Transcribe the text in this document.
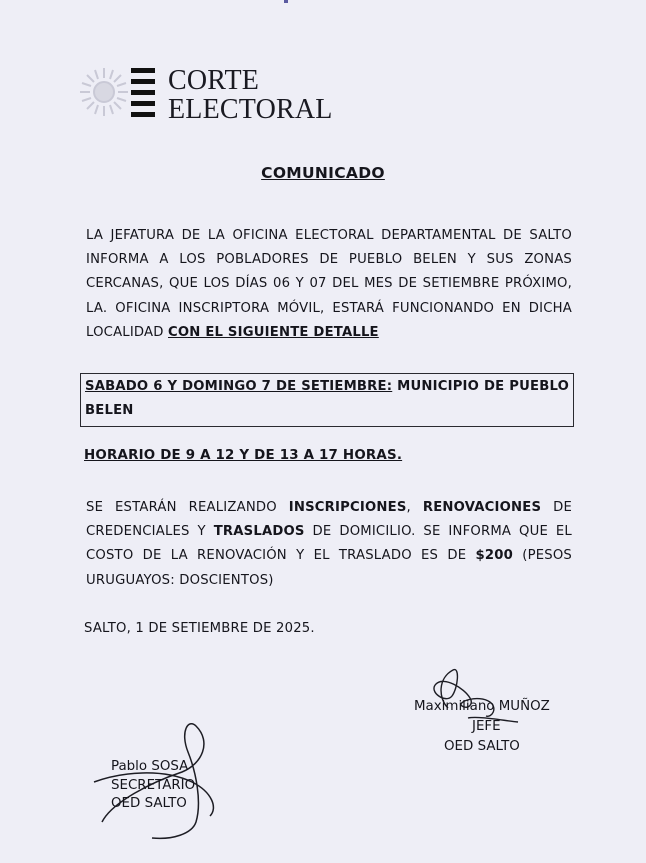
CORTE
ELECTORAL
COMUNICADO
LA JEFATURA DE LA OFICINA ELECTORAL DEPARTAMENTAL DE SALTO INFORMA A LOS POBLADORES DE PUEBLO BELEN Y SUS ZONAS CERCANAS, QUE LOS DÍAS 06 Y 07 DEL MES DE SETIEMBRE PRÓXIMO, LA. OFICINA INSCRIPTORA MÓVIL, ESTARÁ FUNCIONANDO EN DICHA LOCALIDAD CON EL SIGUIENTE DETALLE
SABADO 6 Y DOMINGO 7 DE SETIEMBRE: MUNICIPIO DE PUEBLO BELEN
HORARIO DE 9 A 12 Y DE 13 A 17 HORAS.
SE ESTARÁN REALIZANDO INSCRIPCIONES, RENOVACIONES DE CREDENCIALES Y TRASLADOS DE DOMICILIO. SE INFORMA QUE EL COSTO DE LA RENOVACIÓN Y EL TRASLADO ES DE $200 (PESOS URUGUAYOS: DOSCIENTOS)
SALTO, 1 DE SETIEMBRE DE 2025.
Maximiliano MUÑOZ
JEFE
OED SALTO
Pablo SOSA
SECRETARIO
OED SALTO
